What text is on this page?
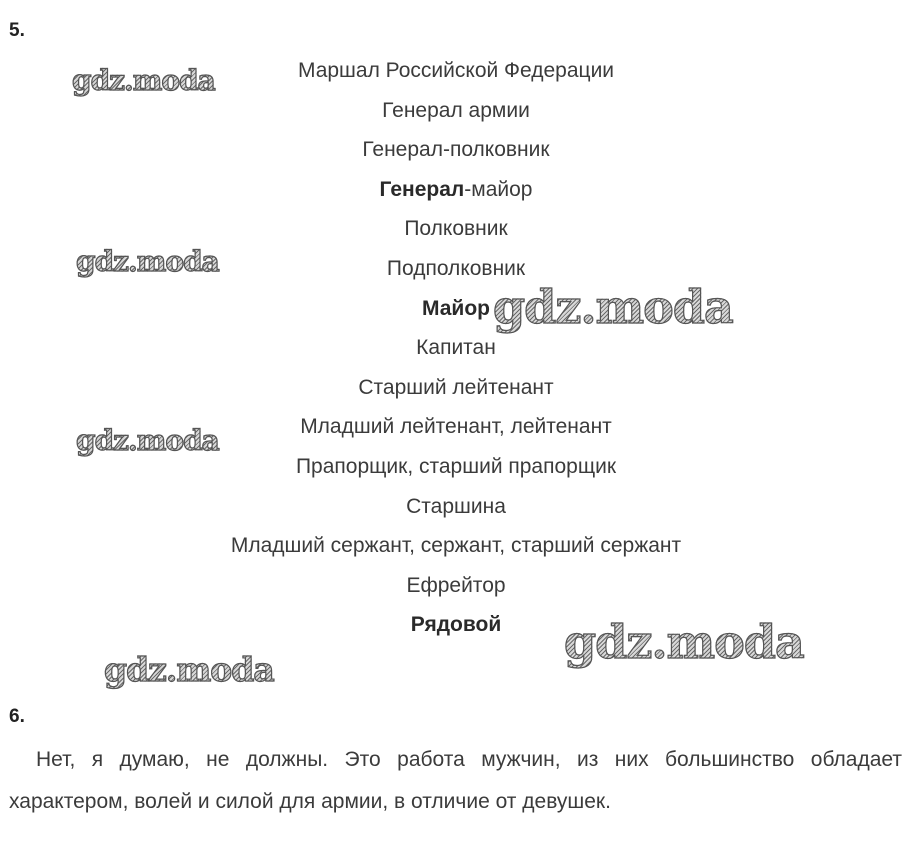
5.
Маршал Российской Федерации
Генерал армии
Генерал-полковник
Генерал-майор
Полковник
Подполковник
Майор
Капитан
Старший лейтенант
Младший лейтенант, лейтенант
Прапорщик, старший прапорщик
Старшина
Младший сержант, сержант, старший сержант
Ефрейтор
Рядовой
6.

Нет, я думаю, не должны. Это работа мужчин, из них большинство обладает характером, волей и силой для армии, в отличие от девушек.

gdz.moda
gdz.moda
gdz.moda
gdz.moda
gdz.moda
gdz.moda
